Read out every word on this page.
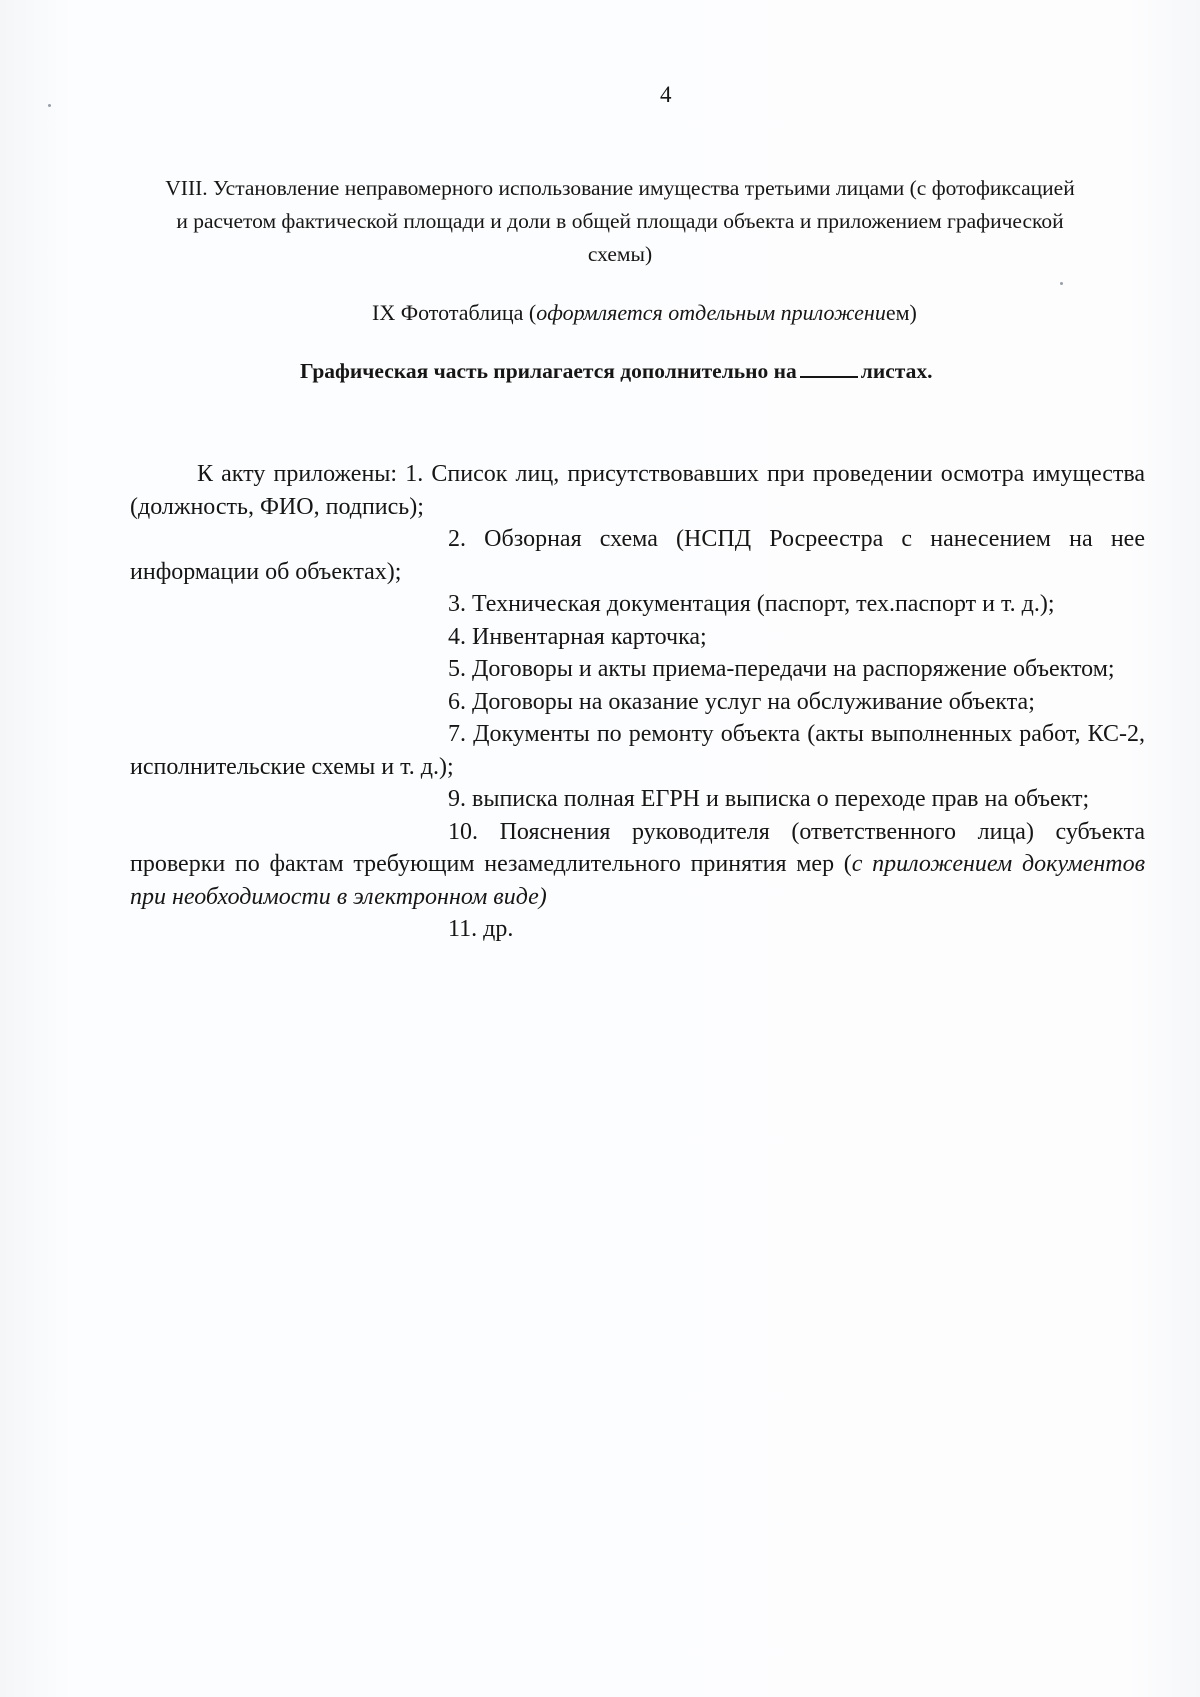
4
VIII. Установление неправомерного использование имущества третьими лицами (с фотофиксацией и расчетом фактической площади и доли в общей площади объекта и приложением графической схемы)
IX Фототаблица (оформляется отдельным приложением)
Графическая часть прилагается дополнительно на	листах.

К акту приложены: 1. Список лиц, присутствовавших при проведении осмотра имущества (должность, ФИО, подпись);

2. Обзорная схема (НСПД Росреестра с нанесением на нее информации об объектах);

3. Техническая документация (паспорт, тех.паспорт и т. д.);

4. Инвентарная карточка;

5. Договоры и акты приема-передачи на распоряжение объектом;

6. Договоры на оказание услуг на обслуживание объекта;

7. Документы по ремонту объекта (акты выполненных работ, КС-2, исполнительские схемы и т. д.);

9. выписка полная ЕГРН и выписка о переходе прав на объект;

10. Пояснения руководителя (ответственного лица) субъекта проверки по фактам требующим незамедлительного принятия мер (с приложением документов при необходимости в электронном виде)

11. др.
